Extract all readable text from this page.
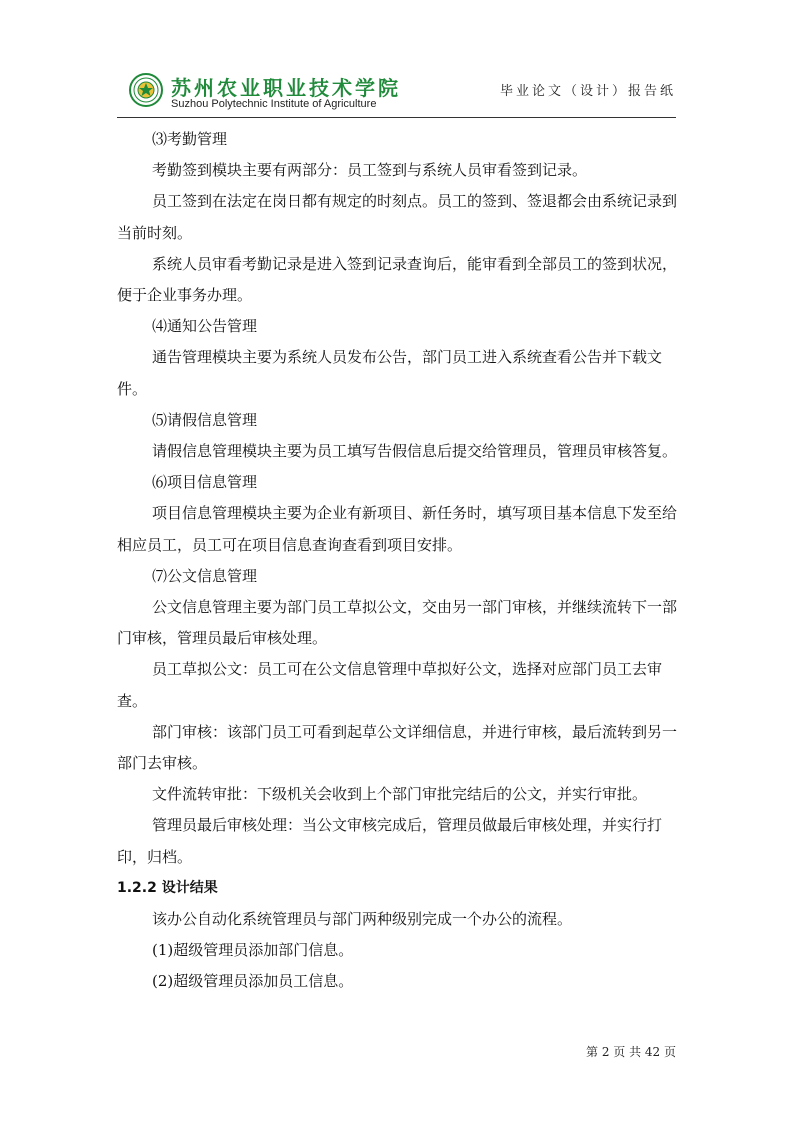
苏州农业职业技术学院
Suzhou Polytechnic Institute of Agriculture
毕业论文（设计）报告纸

⑶考勤管理

考勤签到模块主要有两部分：员工签到与系统人员审看签到记录。

员工签到在法定在岗日都有规定的时刻点。员工的签到、签退都会由系统记录到当前时刻。

系统人员审看考勤记录是进入签到记录查询后，能审看到全部员工的签到状况，便于企业事务办理。

⑷通知公告管理

通告管理模块主要为系统人员发布公告，部门员工进入系统查看公告并下载文件。

⑸请假信息管理

请假信息管理模块主要为员工填写告假信息后提交给管理员，管理员审核答复。

⑹项目信息管理

项目信息管理模块主要为企业有新项目、新任务时，填写项目基本信息下发至给相应员工，员工可在项目信息查询查看到项目安排。

⑺公文信息管理

公文信息管理主要为部门员工草拟公文，交由另一部门审核，并继续流转下一部门审核，管理员最后审核处理。

员工草拟公文：员工可在公文信息管理中草拟好公文，选择对应部门员工去审查。

部门审核：该部门员工可看到起草公文详细信息，并进行审核，最后流转到另一部门去审核。

文件流转审批：下级机关会收到上个部门审批完结后的公文，并实行审批。

管理员最后审核处理：当公文审核完成后，管理员做最后审核处理，并实行打印，归档。

1.2.2 设计结果

该办公自动化系统管理员与部门两种级别完成一个办公的流程。

(1)超级管理员添加部门信息。

(2)超级管理员添加员工信息。

第 2 页 共 42 页
